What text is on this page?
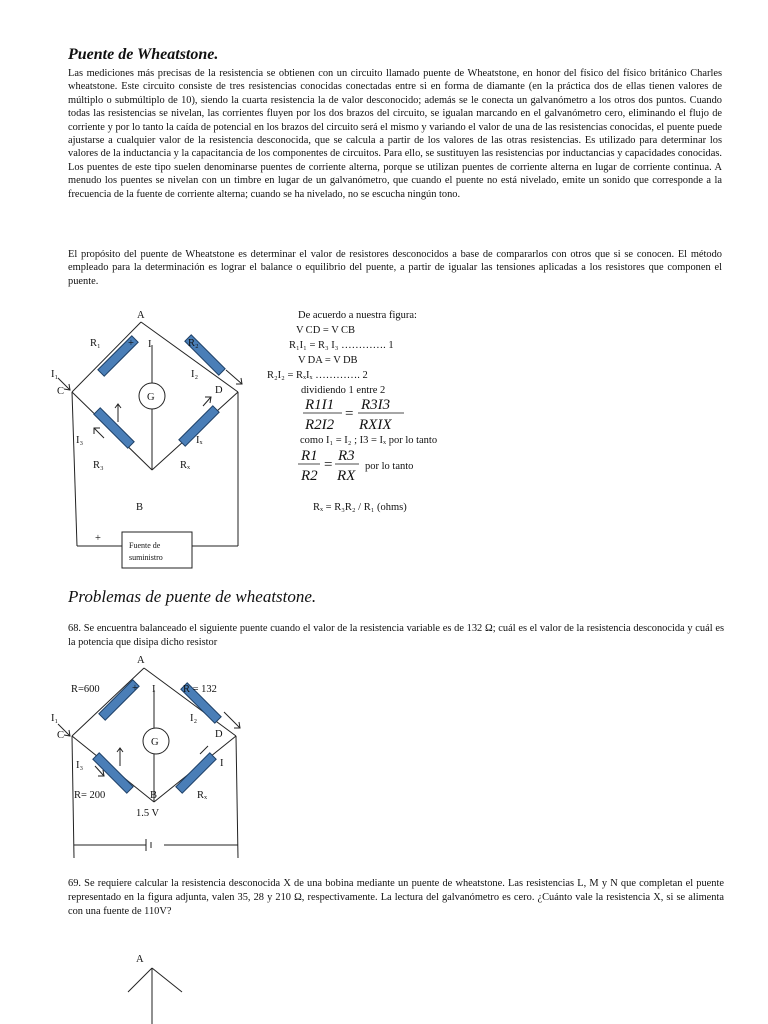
Puente de Wheatstone.
Las mediciones más precisas de la resistencia se obtienen con un circuito llamado puente de Wheatstone, en honor del físico del físico británico Charles wheatstone. Este circuito consiste de tres resistencias conocidas conectadas entre si en forma de diamante (en la práctica dos de ellas tienen valores de múltiplo o submúltiplo de 10), siendo la cuarta resistencia la de valor desconocido; además se le conecta un galvanómetro a los otros dos puntos. Cuando todas las resistencias se nivelan, las corrientes fluyen por los dos brazos del circuito, se igualan marcando en el galvanómetro cero, eliminando el flujo de corriente y por lo tanto la caída de potencial en los brazos del circuito será el mismo y variando el valor de una de las resistencias conocidas, el puente puede ajustarse a cualquier valor de la resistencia desconocida, que se calcula a partir de los valores de las otras resistencias. Es utilizado para determinar los valores de la inductancia y la capacitancia de los componentes de circuitos. Para ello, se sustituyen las resistencias por inductancias y capacidades conocidas. Los puentes de este tipo suelen denominarse puentes de corriente alterna, porque se utilizan puentes de corriente alterna en lugar de corriente continua. A menudo los puentes se nivelan con un timbre en lugar de un galvanómetro, que cuando el puente no está nivelado, emite un sonido que corresponde a la frecuencia de la fuente de corriente alterna; cuando se ha nivelado, no se escucha ningún tono.
El propósito del puente de Wheatstone es determinar el valor de resistores desconocidos a base de compararlos con otros que si se conocen. El método empleado para la determinación es lograr el balance o equilibrio del puente, a partir de igualar las tensiones aplicadas a los resistores que componen el puente.
A
B
C	D
G
R₁	R₂
R₃	Rₓ
I
I₁	I₂
I₃	Iₓ
+
+
Fuente de
suministro
De acuerdo a nuestra figura:
V CD = V CB
R₁I₁ = R₃ I₃ …………. 1
V DA = V DB
R₂I₂ = RₓIₓ …………. 2
dividiendo 1 entre 2
R1I1
R2I2
=
R3I3
RXIX
como I₁ = I₂ ; I3 = Iₓ por lo tanto
R1
R2
=
R3
RX
por lo tanto
Rₓ = R₃R₂ / R₁ (ohms)
A
B
C	D
G
R=600	R = 132
R= 200	Rₓ
I
I₁	I₂
I₃	I
+
1.5 V
A
Problemas de puente de wheatstone.
68. Se encuentra balanceado el siguiente puente cuando el valor de la resistencia variable es de 132 Ω; cuál es el valor de la resistencia desconocida y cuál es la potencia que disipa dicho resistor
69. Se requiere calcular la resistencia desconocida X de una bobina mediante un puente de wheatstone. Las resistencias L, M y N que completan el puente representado en la figura adjunta, valen 35, 28 y 210 Ω, respectivamente. La lectura del galvanómetro es cero. ¿Cuánto vale la resistencia X, si se alimenta con una fuente de 110V?
